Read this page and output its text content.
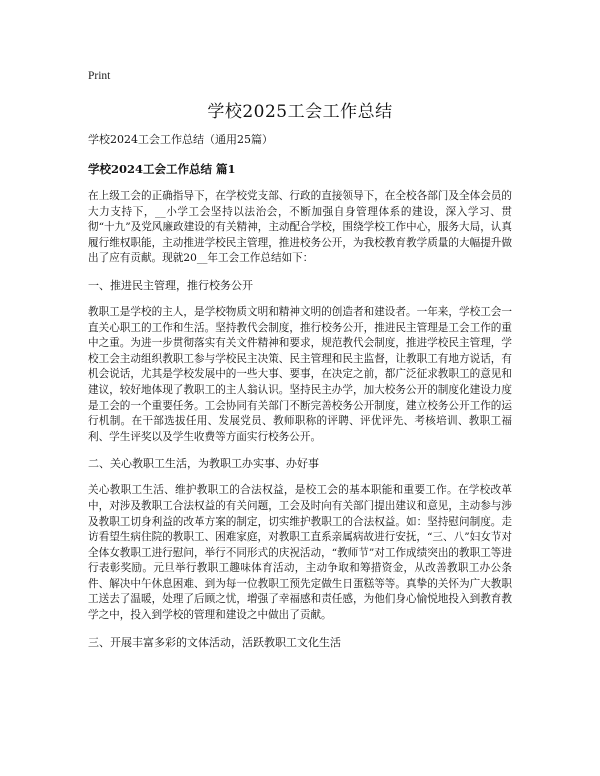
Print
学校2025工会工作总结

学校2024工会工作总结（通用25篇）

学校2024工会工作总结 篇1

在上级工会的正确指导下，在学校党支部、行政的直接领导下，在全校各部门及全体会员的大力支持下，__小学工会坚持以法治会，不断加强自身管理体系的建设，深入学习、贯彻“十九”及党风廉政建设的有关精神，主动配合学校，围绕学校工作中心，服务大局，认真履行维权职能，主动推进学校民主管理，推进校务公开，为我校教育教学质量的大幅提升做出了应有贡献。现就20__年工会工作总结如下：

一、推进民主管理，推行校务公开

教职工是学校的主人，是学校物质文明和精神文明的创造者和建设者。一年来，学校工会一直关心职工的工作和生活。坚持教代会制度，推行校务公开，推进民主管理是工会工作的重中之重。为进一步贯彻落实有关文件精神和要求，规范教代会制度，推进学校民主管理，学校工会主动组织教职工参与学校民主决策、民主管理和民主监督，让教职工有地方说话，有机会说话，尤其是学校发展中的一些大事、要事，在决定之前，都广泛征求教职工的意见和建议，较好地体现了教职工的主人翁认识。坚持民主办学，加大校务公开的制度化建设力度是工会的一个重要任务。工会协同有关部门不断完善校务公开制度，建立校务公开工作的运行机制。在干部选拔任用、发展党员、教师职称的评聘、评优评先、考核培训、教职工福利、学生评奖以及学生收费等方面实行校务公开。

二、关心教职工生活，为教职工办实事、办好事

关心教职工生活、维护教职工的合法权益，是校工会的基本职能和重要工作。在学校改革中，对涉及教职工合法权益的有关问题，工会及时向有关部门提出建议和意见，主动参与涉及教职工切身利益的改革方案的制定，切实维护教职工的合法权益。如：坚持慰问制度。走访看望生病住院的教职工、困难家庭，对教职工直系亲属病故进行安抚，“三、八”妇女节对全体女教职工进行慰问，举行不同形式的庆祝活动，“教师节”对工作成绩突出的教职工等进行表彰奖励。元旦举行教职工趣味体育活动，主动争取和筹措资金，从改善教职工办公条件、解决中午休息困难、到为每一位教职工预先定做生日蛋糕等等。真挚的关怀为广大教职工送去了温暖，处理了后顾之忧，增强了幸福感和责任感，为他们身心愉悦地投入到教育教学之中，投入到学校的管理和建设之中做出了贡献。

三、开展丰富多彩的文体活动，活跃教职工文化生活
